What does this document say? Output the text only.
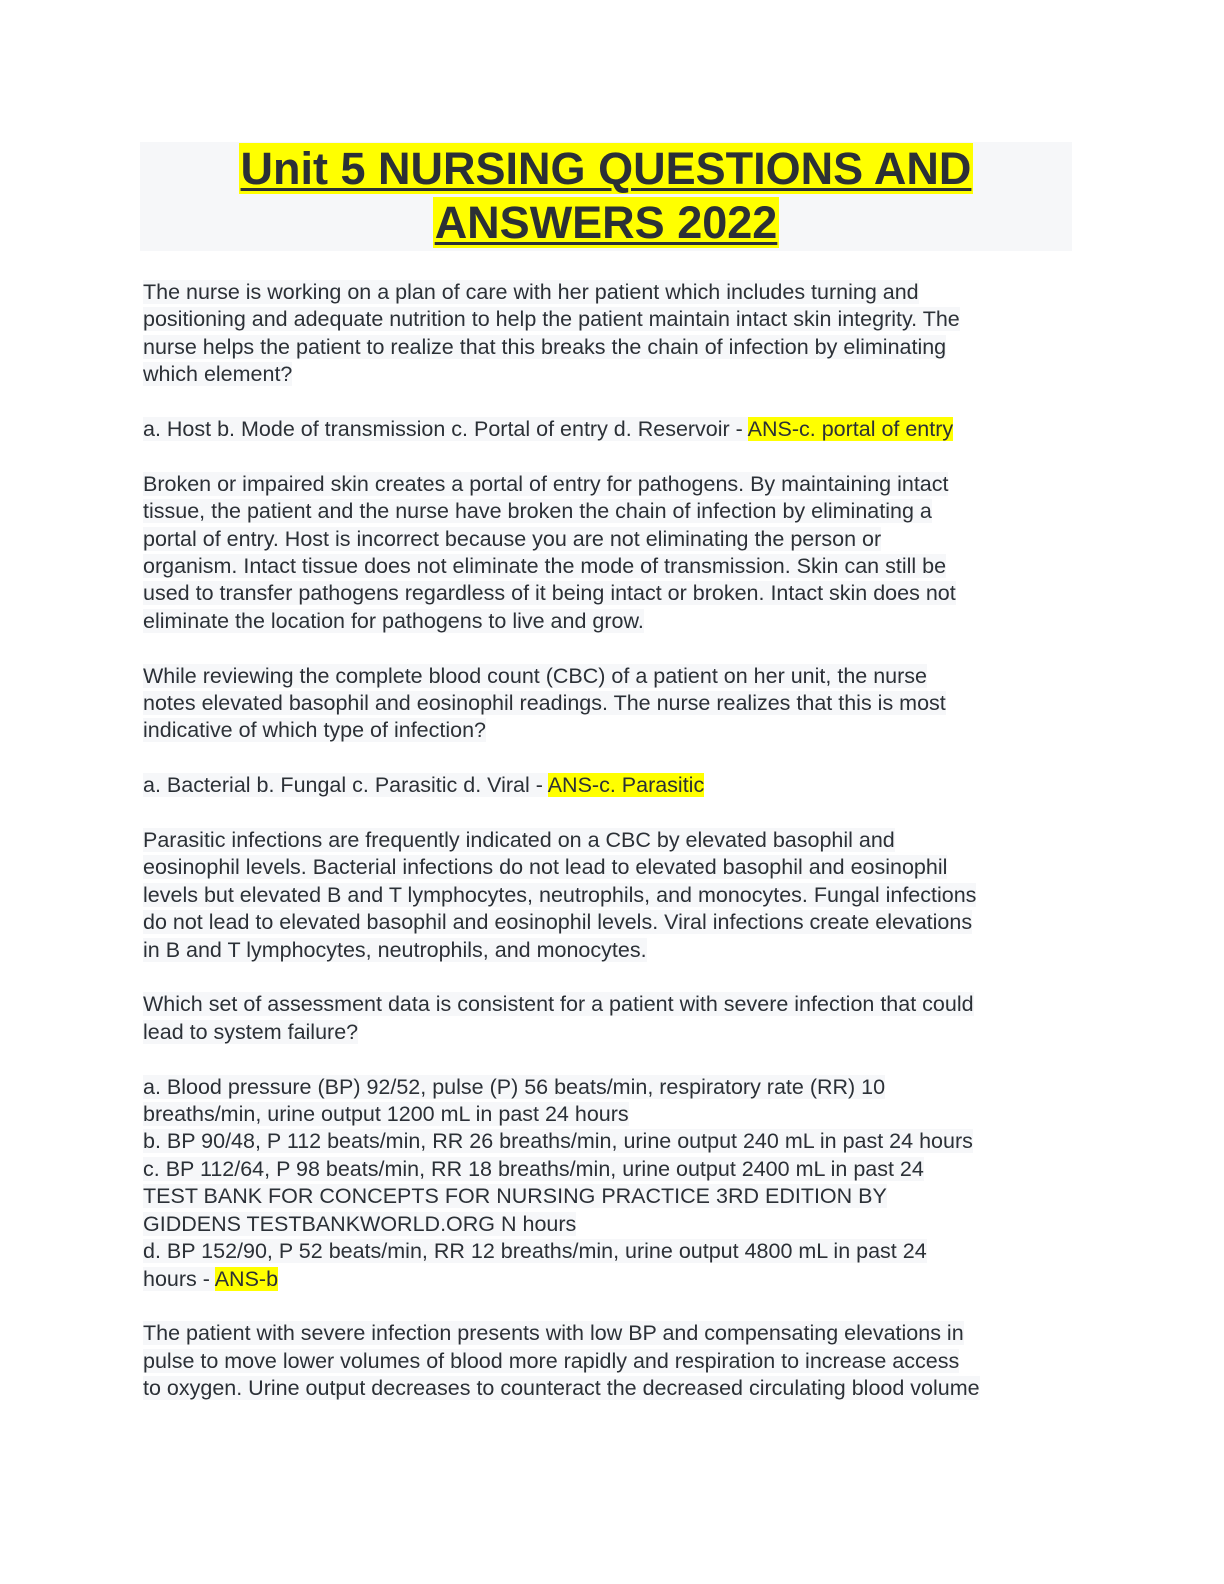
Unit 5 NURSING QUESTIONS AND
ANSWERS 2022
The nurse is working on a plan of care with her patient which includes turning and
positioning and adequate nutrition to help the patient maintain intact skin integrity. The
nurse helps the patient to realize that this breaks the chain of infection by eliminating
which element?
a. Host b. Mode of transmission c. Portal of entry d. Reservoir - ANS-c. portal of entry
Broken or impaired skin creates a portal of entry for pathogens. By maintaining intact
tissue, the patient and the nurse have broken the chain of infection by eliminating a
portal of entry. Host is incorrect because you are not eliminating the person or
organism. Intact tissue does not eliminate the mode of transmission. Skin can still be
used to transfer pathogens regardless of it being intact or broken. Intact skin does not
eliminate the location for pathogens to live and grow.
While reviewing the complete blood count (CBC) of a patient on her unit, the nurse
notes elevated basophil and eosinophil readings. The nurse realizes that this is most
indicative of which type of infection?
a. Bacterial b. Fungal c. Parasitic d. Viral - ANS-c. Parasitic
Parasitic infections are frequently indicated on a CBC by elevated basophil and
eosinophil levels. Bacterial infections do not lead to elevated basophil and eosinophil
levels but elevated B and T lymphocytes, neutrophils, and monocytes. Fungal infections
do not lead to elevated basophil and eosinophil levels. Viral infections create elevations
in B and T lymphocytes, neutrophils, and monocytes.
Which set of assessment data is consistent for a patient with severe infection that could
lead to system failure?
a. Blood pressure (BP) 92/52, pulse (P) 56 beats/min, respiratory rate (RR) 10
breaths/min, urine output 1200 mL in past 24 hours
b. BP 90/48, P 112 beats/min, RR 26 breaths/min, urine output 240 mL in past 24 hours
c. BP 112/64, P 98 beats/min, RR 18 breaths/min, urine output 2400 mL in past 24
TEST BANK FOR CONCEPTS FOR NURSING PRACTICE 3RD EDITION BY
GIDDENS TESTBANKWORLD.ORG N hours
d. BP 152/90, P 52 beats/min, RR 12 breaths/min, urine output 4800 mL in past 24
hours - ANS-b
The patient with severe infection presents with low BP and compensating elevations in
pulse to move lower volumes of blood more rapidly and respiration to increase access
to oxygen. Urine output decreases to counteract the decreased circulating blood volume
